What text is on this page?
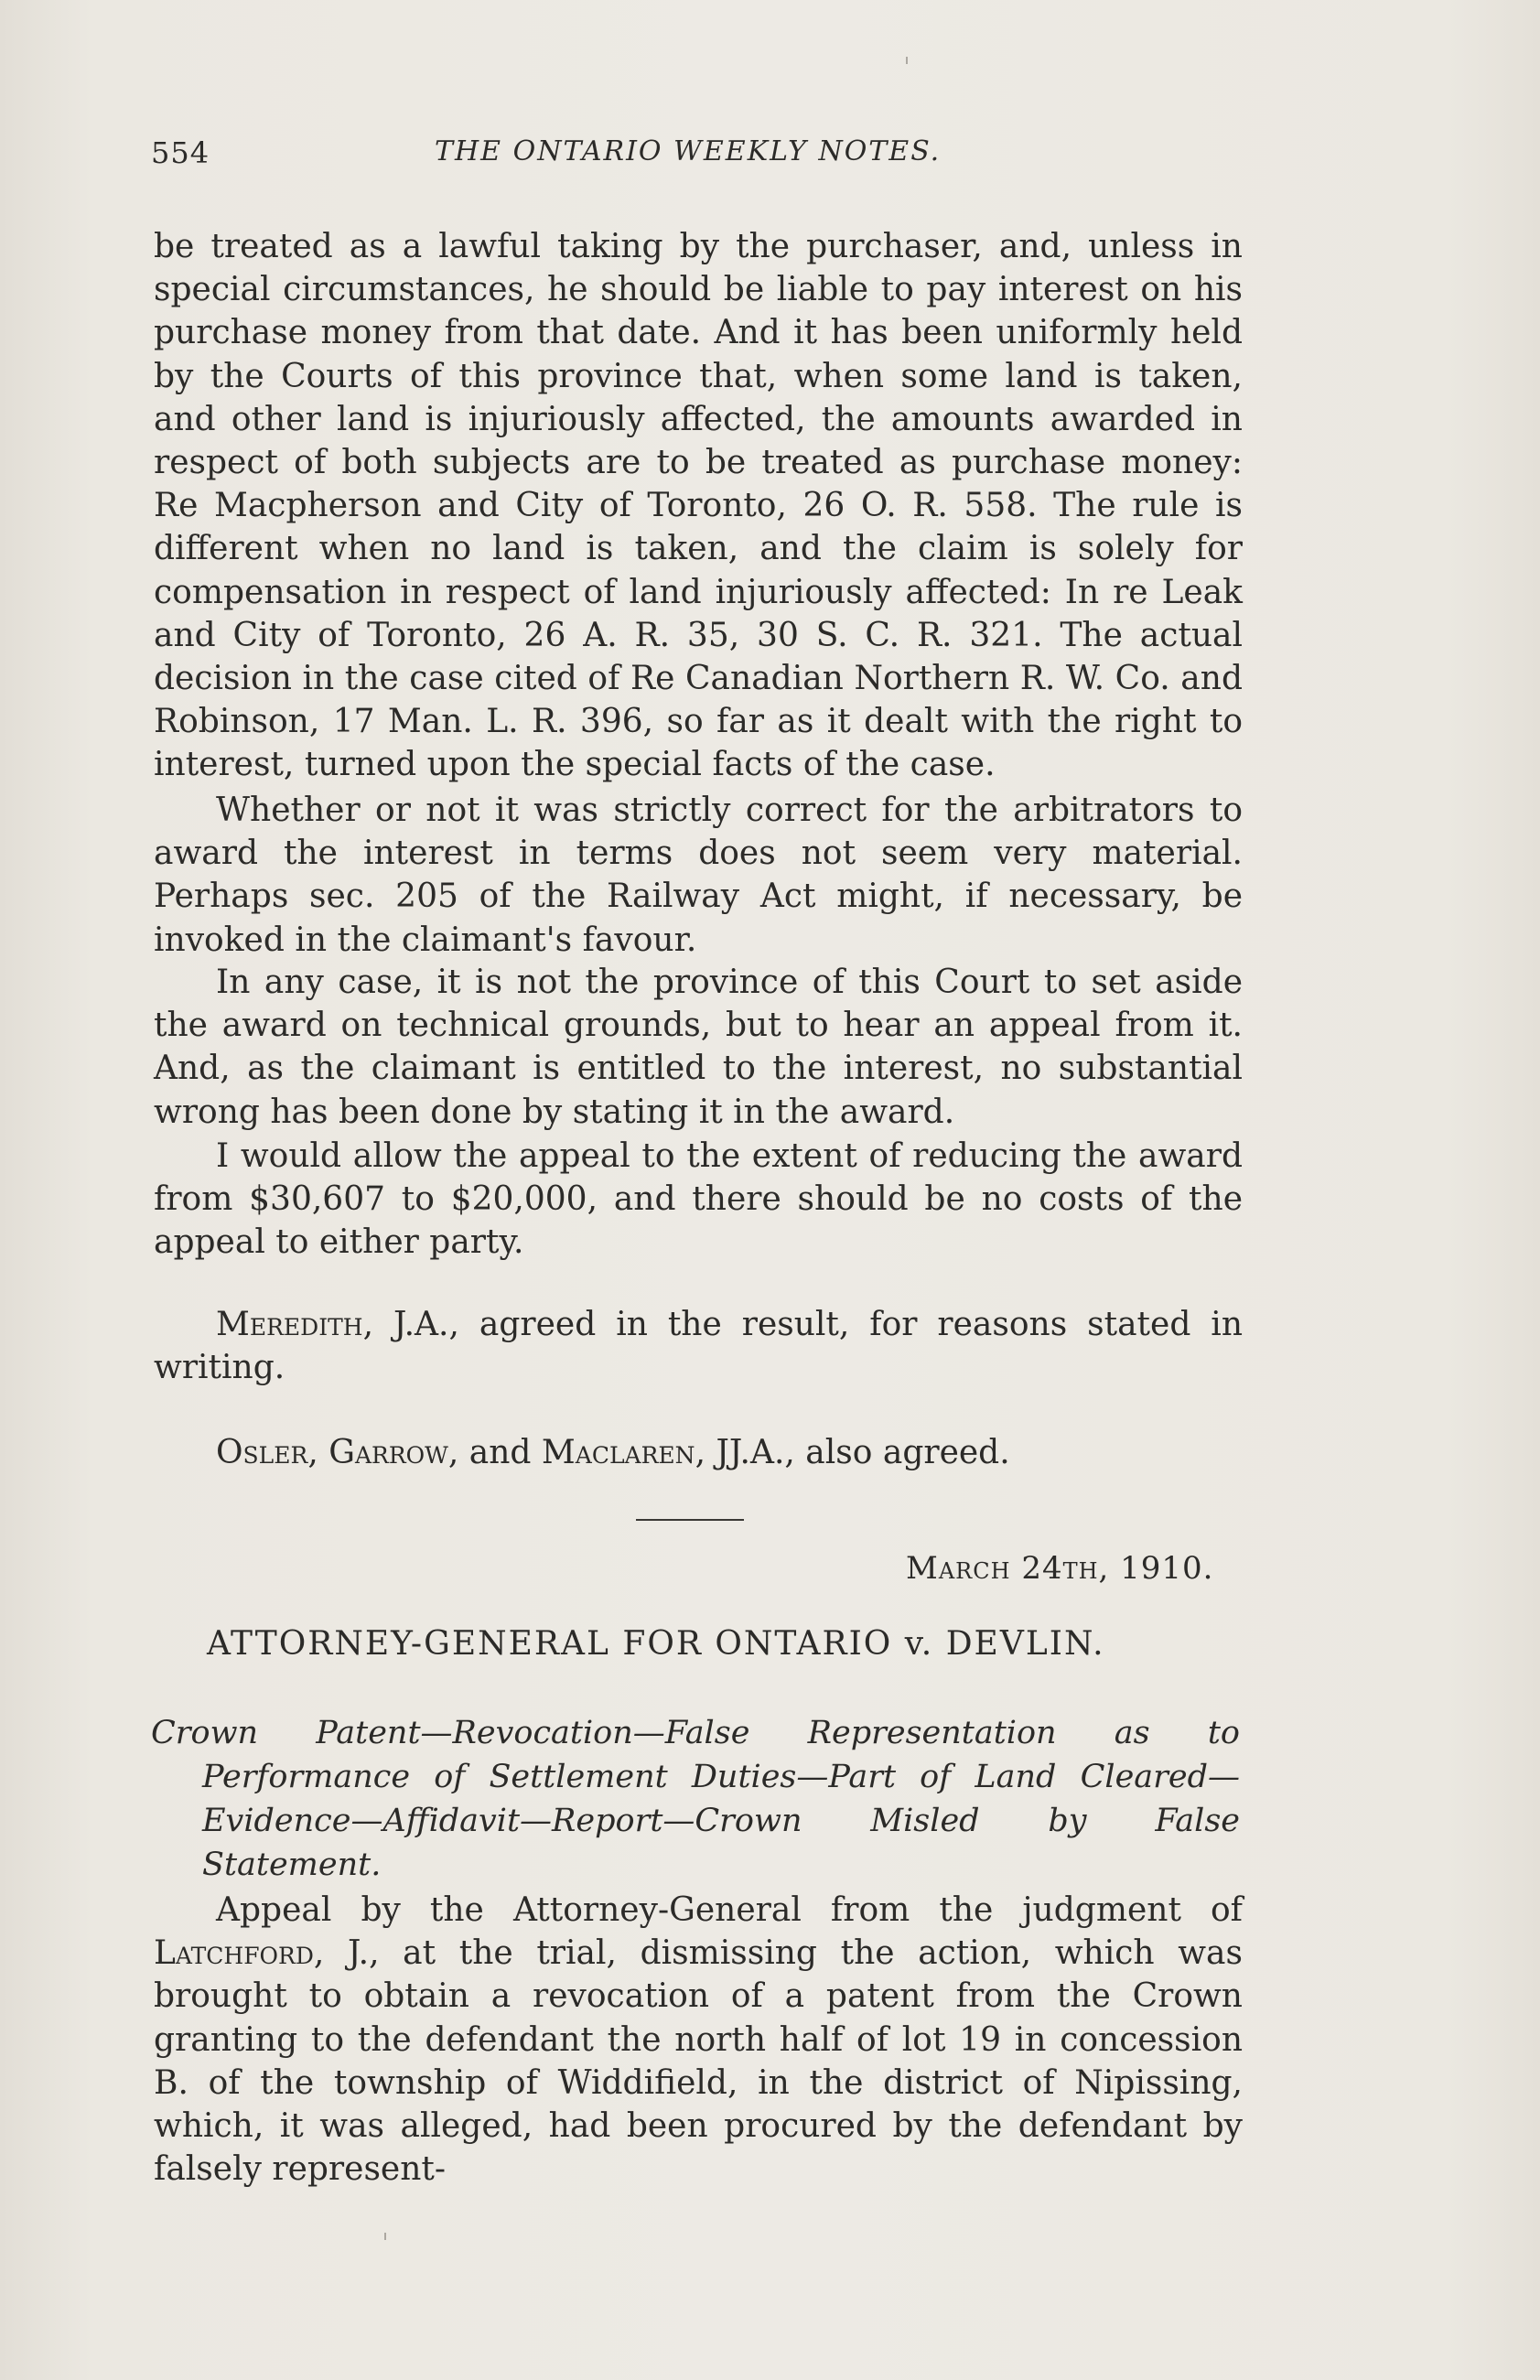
554	THE ONTARIO WEEKLY NOTES.

be treated as a lawful taking by the purchaser, and, unless in special circumstances, he should be liable to pay interest on his purchase money from that date. And it has been uniformly held by the Courts of this province that, when some land is taken, and other land is injuriously affected, the amounts awarded in respect of both subjects are to be treated as purchase money: Re Macpherson and City of Toronto, 26 O. R. 558. The rule is different when no land is taken, and the claim is solely for compensation in respect of land injuriously affected: In re Leak and City of Toronto, 26 A. R. 35, 30 S. C. R. 321. The actual decision in the case cited of Re Canadian Northern R. W. Co. and Robinson, 17 Man. L. R. 396, so far as it dealt with the right to interest, turned upon the special facts of the case.

Whether or not it was strictly correct for the arbitrators to award the interest in terms does not seem very material. Perhaps sec. 205 of the Railway Act might, if necessary, be invoked in the claimant's favour.

In any case, it is not the province of this Court to set aside the award on technical grounds, but to hear an appeal from it. And, as the claimant is entitled to the interest, no substantial wrong has been done by stating it in the award.

I would allow the appeal to the extent of reducing the award from $30,607 to $20,000, and there should be no costs of the appeal to either party.

Meredith, J.A., agreed in the result, for reasons stated in writing.

Osler, Garrow, and Maclaren, JJ.A., also agreed.

March 24th, 1910.
ATTORNEY-GENERAL FOR ONTARIO v. DEVLIN.
Crown Patent—Revocation—False Representation as to Performance of Settlement Duties—Part of Land Cleared—Evidence—Affidavit—Report—Crown Misled by False Statement.

Appeal by the Attorney-General from the judgment of Latchford, J., at the trial, dismissing the action, which was brought to obtain a revocation of a patent from the Crown granting to the defendant the north half of lot 19 in concession B. of the township of Widdifield, in the district of Nipissing, which, it was alleged, had been procured by the defendant by falsely represent-
